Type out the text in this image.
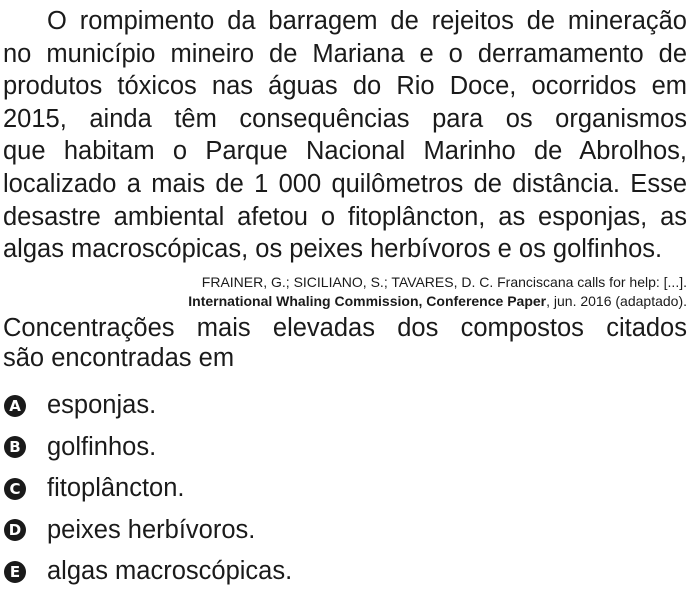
O rompimento da barragem de rejeitos de mineração
no município mineiro de Mariana e o derramamento de
produtos tóxicos nas águas do Rio Doce, ocorridos em
2015, ainda têm consequências para os organismos
que habitam o Parque Nacional Marinho de Abrolhos,
localizado a mais de 1 000 quilômetros de distância. Esse
desastre ambiental afetou o fitoplâncton, as esponjas, as
algas macroscópicas, os peixes herbívoros e os golfinhos.

FRAINER, G.; SICILIANO, S.; TAVARES, D. C. Franciscana calls for help: [...].
International Whaling Commission, Conference Paper, jun. 2016 (adaptado).

Concentrações mais elevadas dos compostos citados
são encontradas em

A esponjas.
B golfinhos.
C fitoplâncton.
D peixes herbívoros.
E algas macroscópicas.
